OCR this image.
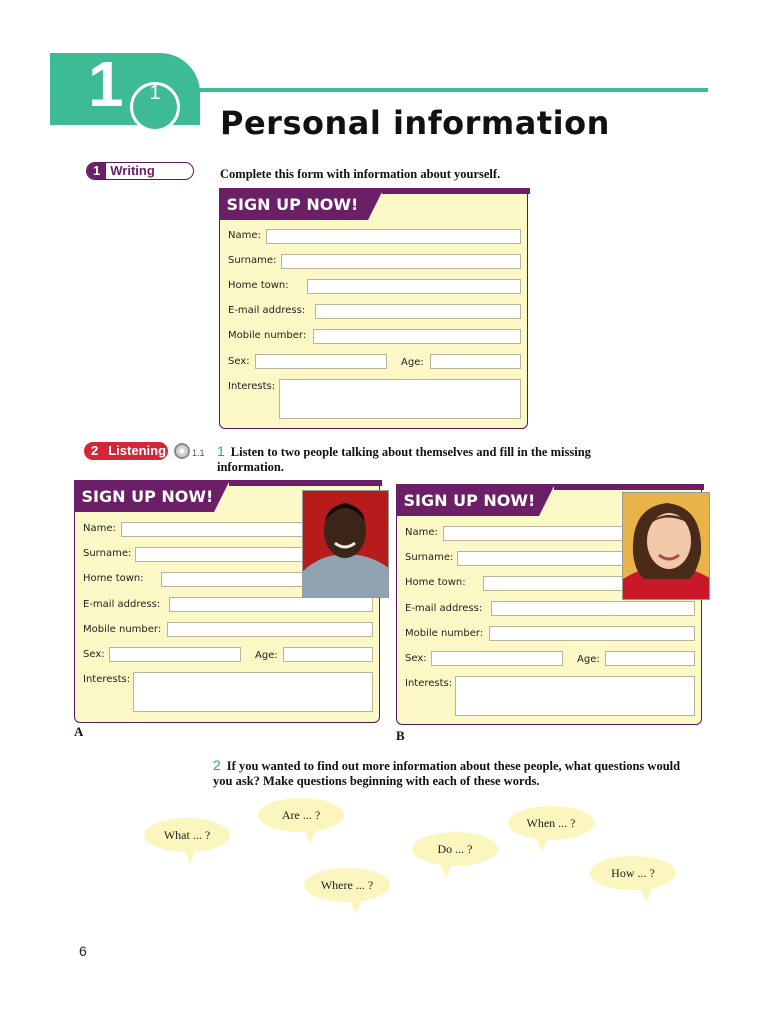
1	1
Personal information
1 Writing	Complete this form with information about yourself.
SIGN UP NOW!
Name:
Surname:
Home town:
E-mail address:
Mobile number:
Sex:	Age:
Interests:
2 Listening	1.1 1 Listen to two people talking about themselves and fill in the missing information.
SIGN UP NOW!
Name:
Surname:
Home town:
E-mail address:
Mobile number:
Sex:	Age:
Interests:
SIGN UP NOW!
Name:
Surname:
Home town:
E-mail address:
Mobile number:
Sex:	Age:
Interests:
A	B
2 If you wanted to find out more information about these people, what questions would you ask? Make questions beginning with each of these words.
What ... ?
Are ... ?
Where ... ?
Do ... ?
When ... ?
How ... ?
6
